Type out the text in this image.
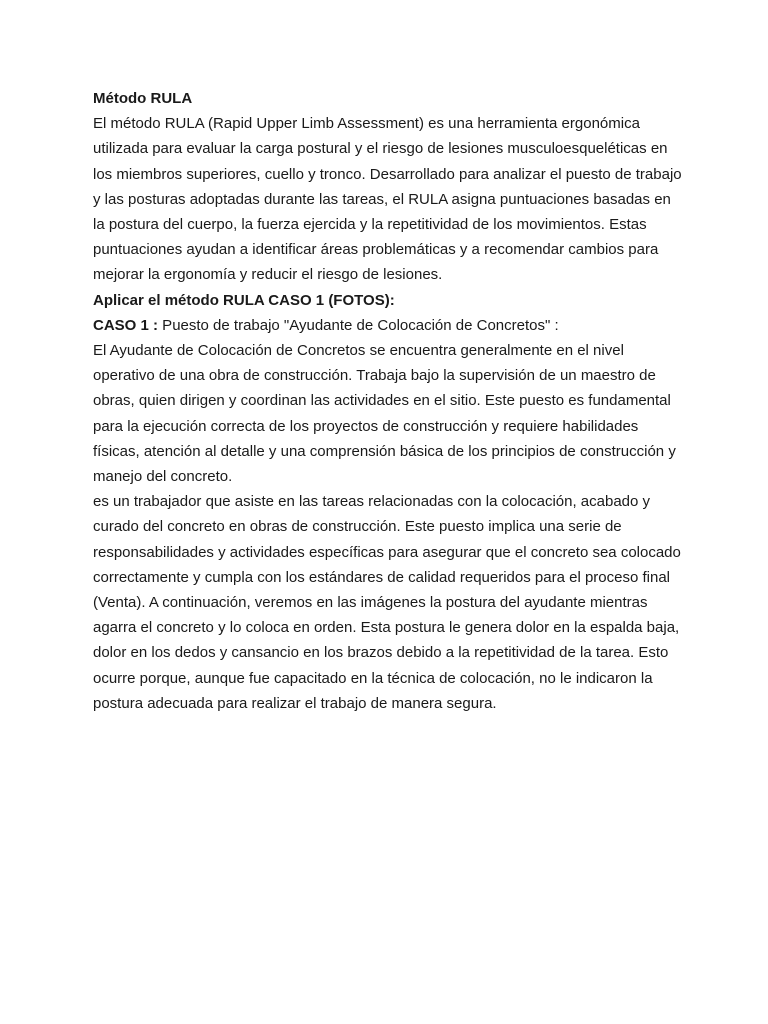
Método RULA

El método RULA (Rapid Upper Limb Assessment) es una herramienta ergonómica utilizada para evaluar la carga postural y el riesgo de lesiones musculoesqueléticas en los miembros superiores, cuello y tronco. Desarrollado para analizar el puesto de trabajo y las posturas adoptadas durante las tareas, el RULA asigna puntuaciones basadas en la postura del cuerpo, la fuerza ejercida y la repetitividad de los movimientos. Estas puntuaciones ayudan a identificar áreas problemáticas y a recomendar cambios para mejorar la ergonomía y reducir el riesgo de lesiones.

Aplicar el método RULA CASO 1 (FOTOS):

CASO 1 : Puesto de trabajo "Ayudante de Colocación de Concretos" :

El Ayudante de Colocación de Concretos se encuentra generalmente en el nivel operativo de una obra de construcción. Trabaja bajo la supervisión de un maestro de obras, quien dirigen y coordinan las actividades en el sitio. Este puesto es fundamental para la ejecución correcta de los proyectos de construcción y requiere habilidades físicas, atención al detalle y una comprensión básica de los principios de construcción y manejo del concreto.

es un trabajador que asiste en las tareas relacionadas con la colocación, acabado y curado del concreto en obras de construcción. Este puesto implica una serie de responsabilidades y actividades específicas para asegurar que el concreto sea colocado correctamente y cumpla con los estándares de calidad requeridos para el proceso final (Venta). A continuación, veremos en las imágenes la postura del ayudante mientras agarra el concreto y lo coloca en orden. Esta postura le genera dolor en la espalda baja, dolor en los dedos y cansancio en los brazos debido a la repetitividad de la tarea. Esto ocurre porque, aunque fue capacitado en la técnica de colocación, no le indicaron la postura adecuada para realizar el trabajo de manera segura.
